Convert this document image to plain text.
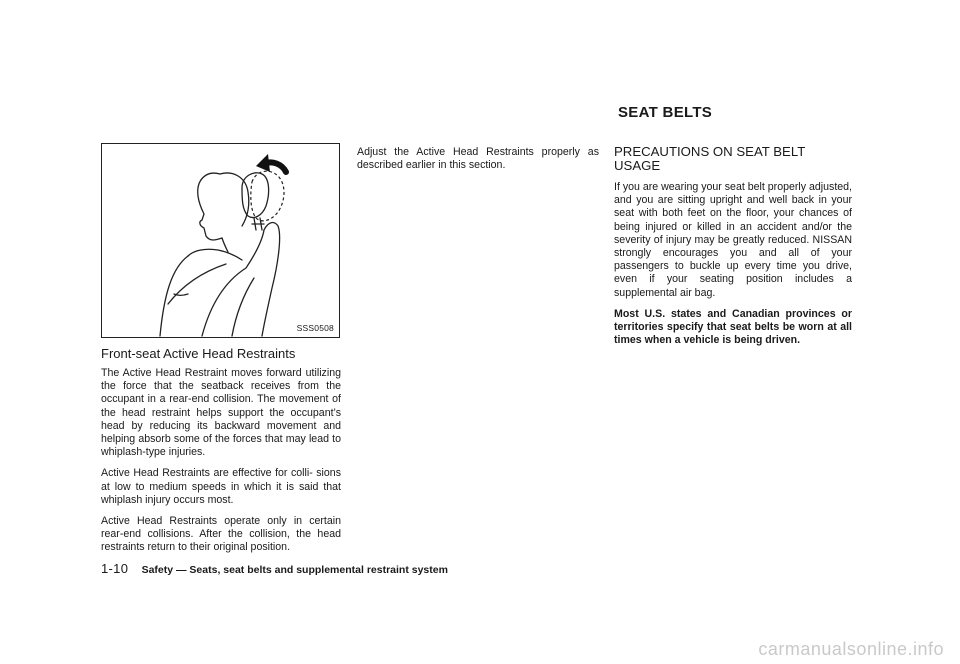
SSS0508
Front-seat Active Head Restraints

The Active Head Restraint moves forward utilizing the force that the seatback receives from the occupant in a rear-end collision. The movement of the head restraint helps support the occupant’s head by reducing its backward movement and helping absorb some of the forces that may lead to whiplash-type injuries.

Active Head Restraints are effective for colli- sions at low to medium speeds in which it is said that whiplash injury occurs most.

Active Head Restraints operate only in certain rear-end collisions. After the collision, the head restraints return to their original position.

Adjust the Active Head Restraints properly as described earlier in this section.

SEAT BELTS
PRECAUTIONS ON SEAT BELT USAGE

If you are wearing your seat belt properly adjusted, and you are sitting upright and well back in your seat with both feet on the floor, your chances of being injured or killed in an accident and/or the severity of injury may be greatly reduced. NISSAN strongly encourages you and all of your passengers to buckle up every time you drive, even if your seating position includes a supplemental air bag.

Most U.S. states and Canadian provinces or territories specify that seat belts be worn at all times when a vehicle is being driven.

1-10 Safety — Seats, seat belts and supplemental restraint system
carmanualsonline.info
